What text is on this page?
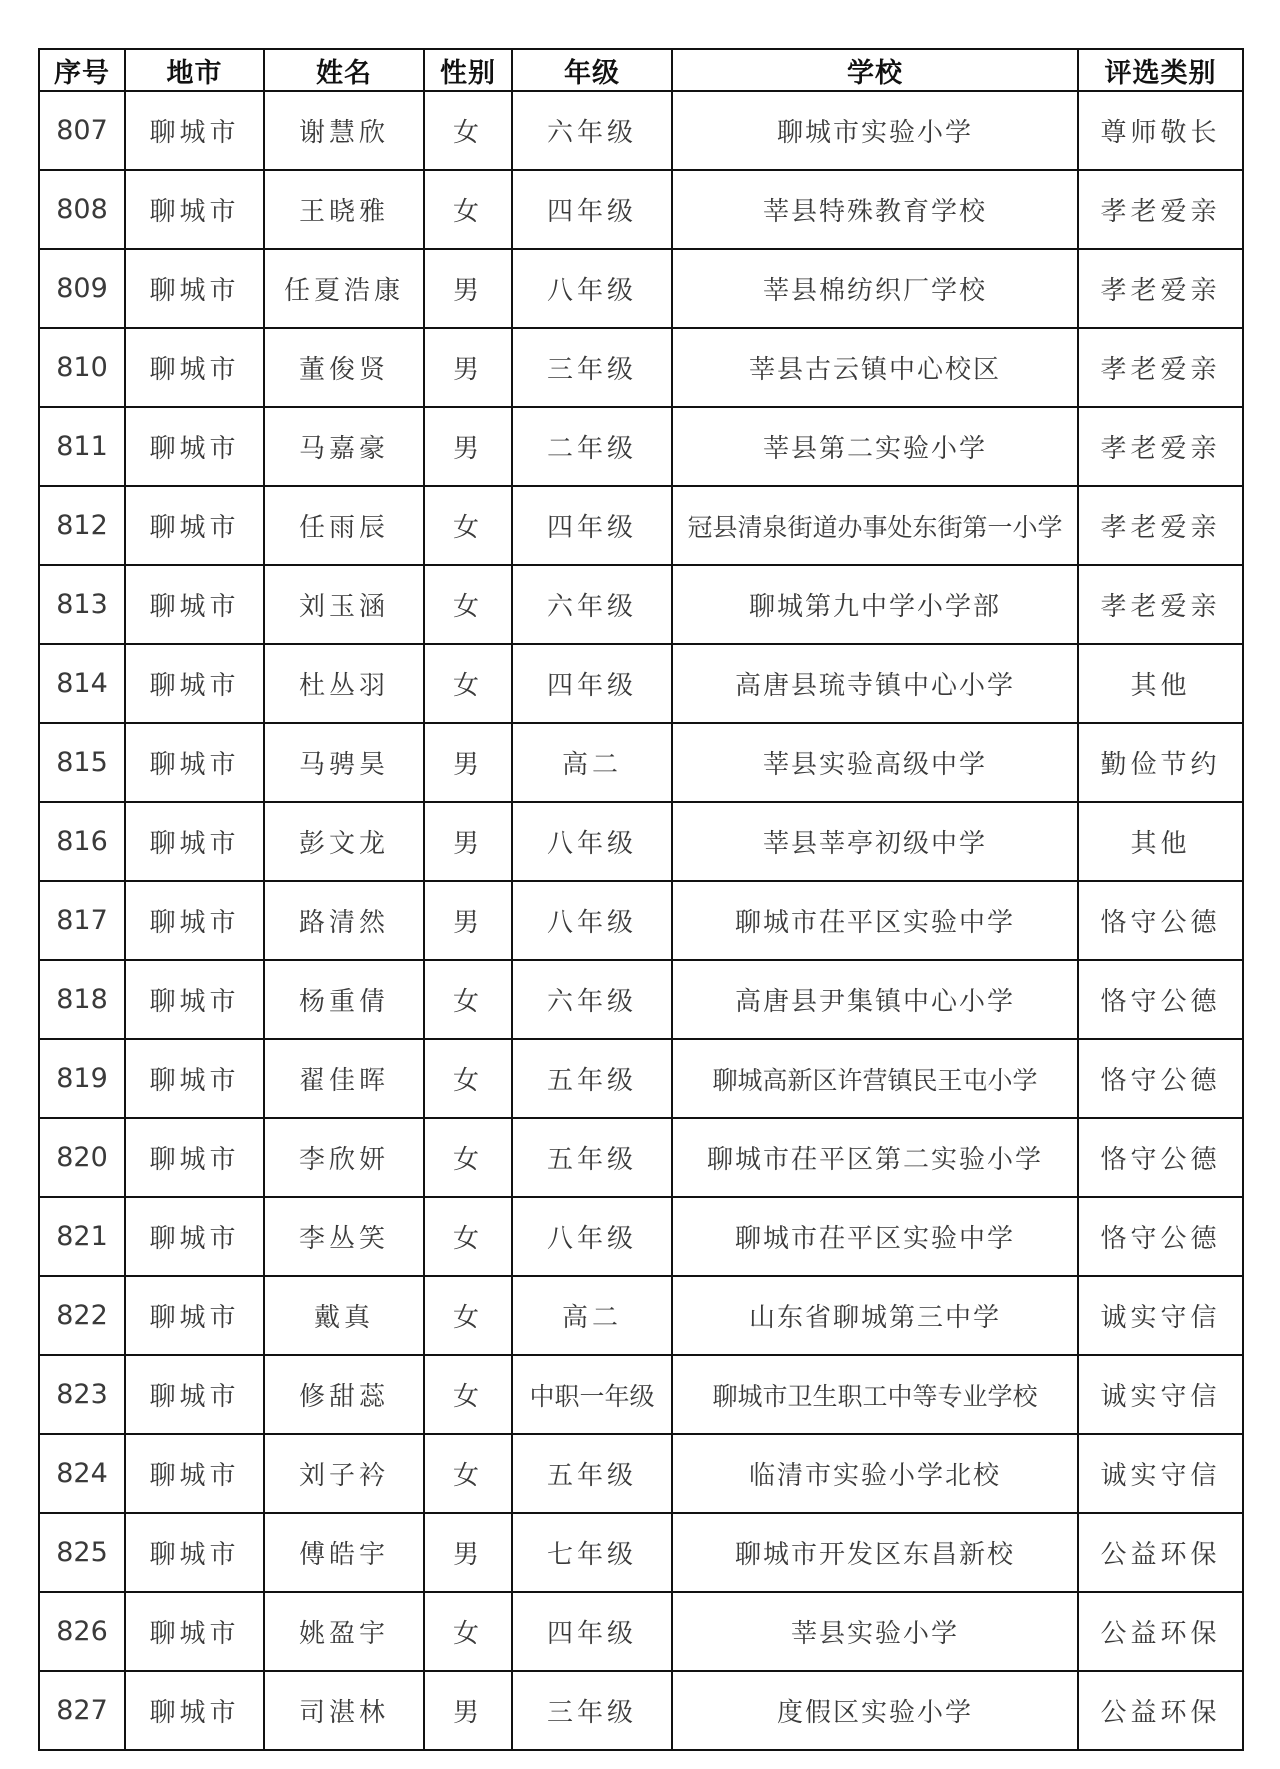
序号	地市	姓名	性别	年级	学校	评选类别
807	聊城市	谢慧欣	女	六年级	聊城市实验小学	尊师敬长
808	聊城市	王晓雅	女	四年级	莘县特殊教育学校	孝老爱亲
809	聊城市	任夏浩康	男	八年级	莘县棉纺织厂学校	孝老爱亲
810	聊城市	董俊贤	男	三年级	莘县古云镇中心校区	孝老爱亲
811	聊城市	马嘉豪	男	二年级	莘县第二实验小学	孝老爱亲
812	聊城市	任雨辰	女	四年级	冠县清泉街道办事处东街第一小学	孝老爱亲
813	聊城市	刘玉涵	女	六年级	聊城第九中学小学部	孝老爱亲
814	聊城市	杜丛羽	女	四年级	高唐县琉寺镇中心小学	其他
815	聊城市	马骋昊	男	高二	莘县实验高级中学	勤俭节约
816	聊城市	彭文龙	男	八年级	莘县莘亭初级中学	其他
817	聊城市	路清然	男	八年级	聊城市茌平区实验中学	恪守公德
818	聊城市	杨重倩	女	六年级	高唐县尹集镇中心小学	恪守公德
819	聊城市	翟佳晖	女	五年级	聊城高新区许营镇民王屯小学	恪守公德
820	聊城市	李欣妍	女	五年级	聊城市茌平区第二实验小学	恪守公德
821	聊城市	李丛笑	女	八年级	聊城市茌平区实验中学	恪守公德
822	聊城市	戴真	女	高二	山东省聊城第三中学	诚实守信
823	聊城市	修甜蕊	女	中职一年级	聊城市卫生职工中等专业学校	诚实守信
824	聊城市	刘子衿	女	五年级	临清市实验小学北校	诚实守信
825	聊城市	傅皓宇	男	七年级	聊城市开发区东昌新校	公益环保
826	聊城市	姚盈宇	女	四年级	莘县实验小学	公益环保
827	聊城市	司湛林	男	三年级	度假区实验小学	公益环保
